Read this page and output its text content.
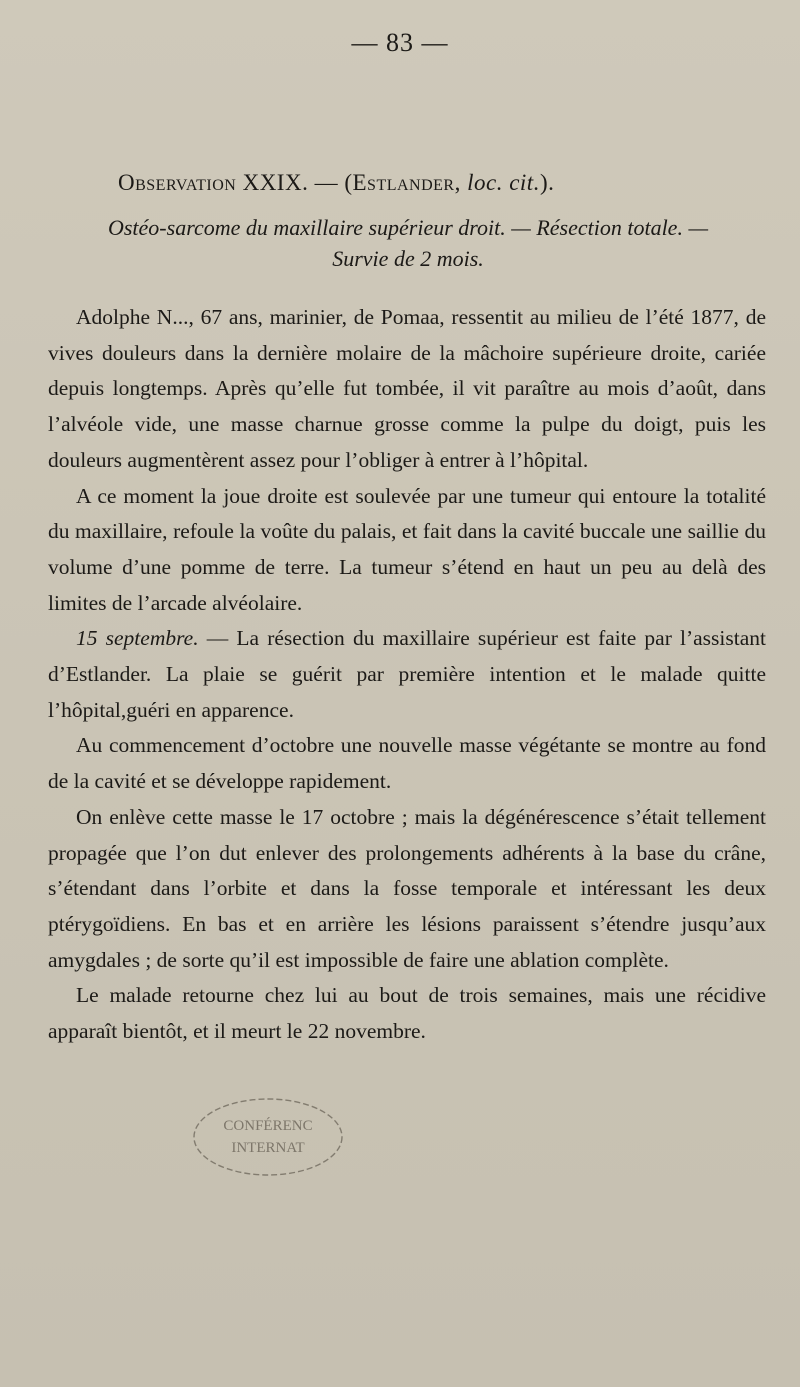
— 83 —
Observation XXIX. — (Estlander, loc. cit.).
Ostéo-sarcome du maxillaire supérieur droit. — Résection totale. —
Survie de 2 mois.

Adolphe N..., 67 ans, marinier, de Pomaa, ressentit au milieu de l’été 1877, de vives douleurs dans la dernière molaire de la mâchoire supérieure droite, cariée depuis longtemps. Après qu’elle fut tombée, il vit paraître au mois d’août, dans l’alvéole vide, une masse charnue grosse comme la pulpe du doigt, puis les douleurs augmentèrent assez pour l’obliger à entrer à l’hôpital.

A ce moment la joue droite est soulevée par une tumeur qui entoure la totalité du maxillaire, refoule la voûte du palais, et fait dans la cavité buccale une saillie du volume d’une pomme de terre. La tumeur s’étend en haut un peu au delà des limites de l’arcade alvéolaire.

15 septembre. — La résection du maxillaire supérieur est faite par l’assistant d’Estlander. La plaie se guérit par première intention et le malade quitte l’hôpital,guéri en apparence.

Au commencement d’octobre une nouvelle masse végétante se montre au fond de la cavité et se développe rapidement.

On enlève cette masse le 17 octobre ; mais la dégénérescence s’était tellement propagée que l’on dut enlever des prolongements adhérents à la base du crâne, s’étendant dans l’orbite et dans la fosse temporale et intéressant les deux ptérygoïdiens. En bas et en arrière les lésions paraissent s’étendre jusqu’aux amygdales ; de sorte qu’il est impossible de faire une ablation complète.

Le malade retourne chez lui au bout de trois semaines, mais une récidive apparaît bientôt, et il meurt le 22 novembre.

CONFÉRENC
INTERNAT
